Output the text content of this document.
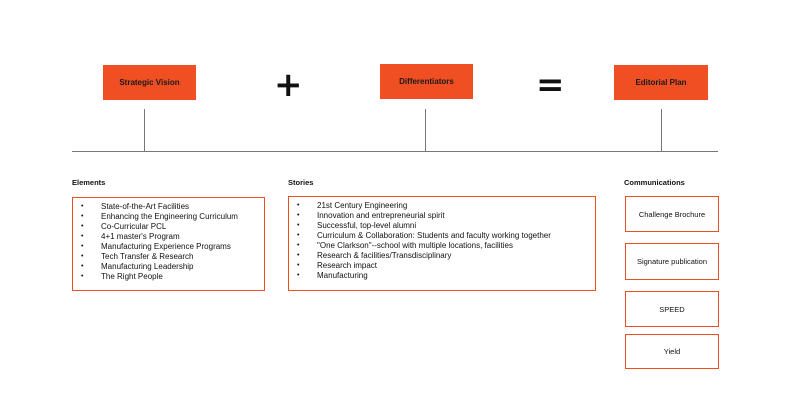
Strategic Vision	+	Differentiators =	Editorial Plan
Elements	Stories	Communications
• State-of-the-Art Facilities
• Enhancing the Engineering Curriculum
• Co-Curricular PCL
• 4+1 master's Program
• Manufacturing Experience Programs
• Tech Transfer & Research
• Manufacturing Leadership
• The Right People
• 21st Century Engineering
• Innovation and entrepreneurial spirit
• Successful, top-level alumni
• Curriculum & Collaboration: Students and faculty working together
• "One Clarkson"--school with multiple locations, facilities
• Research & facilities/Transdisciplinary
• Research impact
• Manufacturing
Challenge Brochure
Signature publication
SPEED
Yield
